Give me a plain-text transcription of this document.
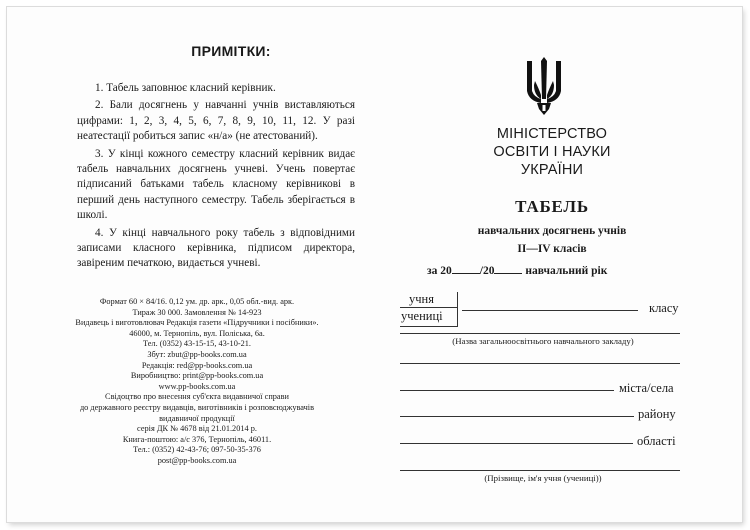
ПРИМІТКИ:

1. Табель заповнює класний керівник.

2. Бали досягнень у навчанні учнів виставляються цифрами: 1, 2, 3, 4, 5, 6, 7, 8, 9, 10, 11, 12. У разі неатестації робиться запис «н/а» (не атестований).

3. У кінці кожного семестру класний керівник видає табель навчальних досягнень учневі. Учень повертає підписаний батьками табель класному керівникові в перший день наступного семестру. Табель зберігається в школі.

4. У кінці навчального року табель з відповідними записами класного керівника, підписом директора, завіреним печаткою, видається учневі.

Формат 60 × 84/16. 0,12 ум. др. арк., 0,05 обл.-вид. арк.
Тираж 30 000. Замовлення № 14-923
Видавець і виготовлювач Редакція газети «Підручники і посібники».
46000, м. Тернопіль, вул. Поліська, 6а.
Тел. (0352) 43-15-15, 43-10-21.
Збут: zbut@pp-books.com.ua
Редакція: red@pp-books.com.ua
Виробництво: print@pp-books.com.ua
www.pp-books.com.ua
Свідоцтво про внесення суб'єкта видавничої справи
до державного реєстру видавців, виготівників і розповсюджувачів
видавничої продукції
серія ДК № 4678 від 21.01.2014 р.
Книга-поштою: а/с 376, Тернопіль, 46011.
Тел.: (0352) 42-43-76; 097-50-35-376
post@pp-books.com.ua
МІНІСТЕРСТВО
ОСВІТИ І НАУКИ
УКРАЇНИ
ТАБЕЛЬ
навчальних досягнень учнів
II—IV класів
за 20 /20	навчальний рік
учня
учениці
класу
(Назва загальноосвітнього навчального закладу)
міста/села
району
області
(Прізвище, ім'я учня (учениці))
